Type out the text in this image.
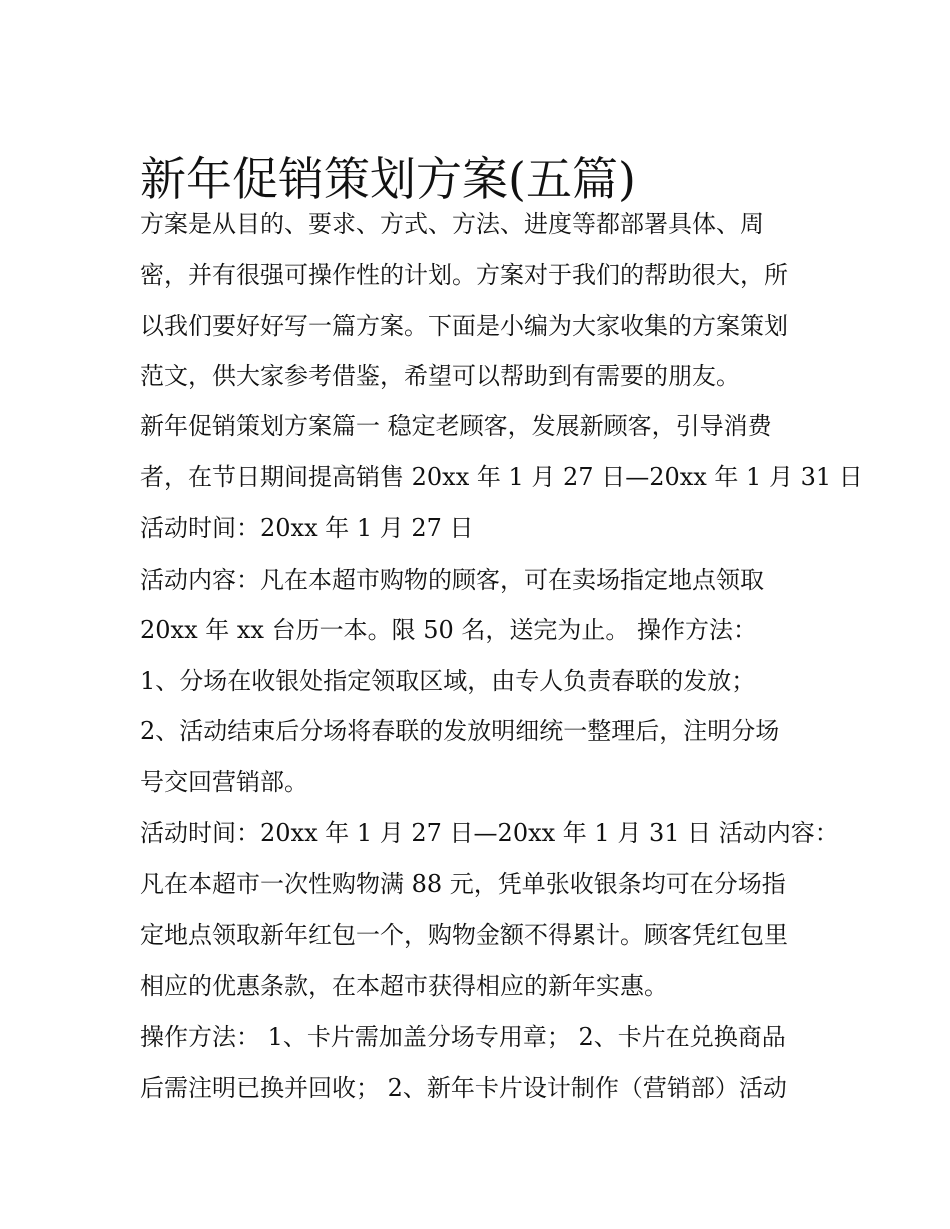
新年促销策划方案(五篇)
方案是从目的、要求、方式、方法、进度等都部署具体、周
密，并有很强可操作性的计划。方案对于我们的帮助很大，所
以我们要好好写一篇方案。下面是小编为大家收集的方案策划
范文，供大家参考借鉴，希望可以帮助到有需要的朋友。
新年促销策划方案篇一 稳定老顾客，发展新顾客，引导消费
者，在节日期间提高销售 20xx 年 1 月 27 日—20xx 年 1 月 31 日
活动时间：20xx 年 1 月 27 日
活动内容：凡在本超市购物的顾客，可在卖场指定地点领取
20xx 年 xx 台历一本。限 50 名，送完为止。 操作方法：
1、分场在收银处指定领取区域，由专人负责春联的发放；
2、活动结束后分场将春联的发放明细统一整理后，注明分场
号交回营销部。
活动时间：20xx 年 1 月 27 日—20xx 年 1 月 31 日 活动内容：
凡在本超市一次性购物满 88 元，凭单张收银条均可在分场指
定地点领取新年红包一个，购物金额不得累计。顾客凭红包里
相应的优惠条款，在本超市获得相应的新年实惠。
操作方法： 1、卡片需加盖分场专用章； 2、卡片在兑换商品
后需注明已换并回收； 2、新年卡片设计制作（营销部）活动
